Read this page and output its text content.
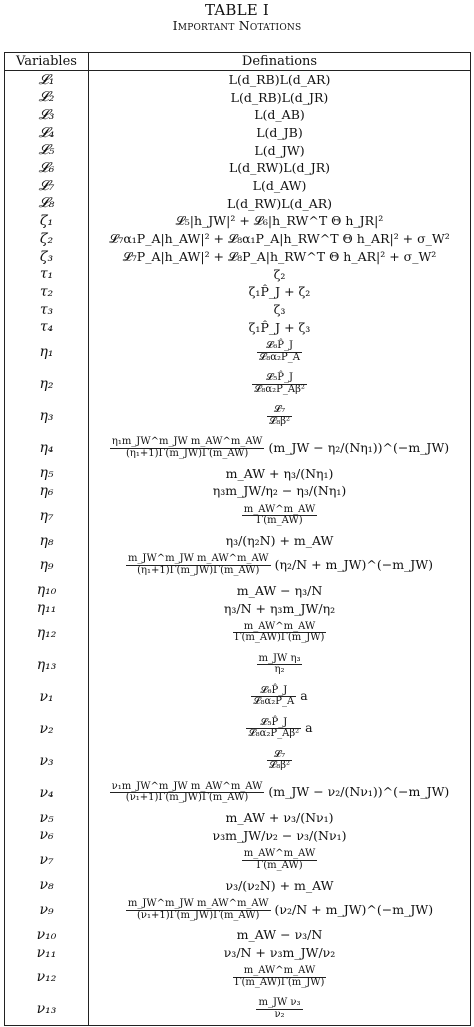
TABLE I
Important Notations
Variables	Definations
𝓛₁	L(d_RB)L(d_AR)
𝓛₂	L(d_RB)L(d_JR)
𝓛₃	L(d_AB)
𝓛₄	L(d_JB)
𝓛₅	L(d_JW)
𝓛₆	L(d_RW)L(d_JR)
𝓛₇	L(d_AW)
𝓛₈	L(d_RW)L(d_AR)
ζ₁	𝓛₅|h_JW|² + 𝓛₆|h_RW^T Θ h_JR|²
ζ₂	𝓛₇α₁P_A|h_AW|² + 𝓛₈α₁P_A|h_RW^T Θ h_AR|² + σ_W²
ζ₃	𝓛₇P_A|h_AW|² + 𝓛₈P_A|h_RW^T Θ h_AR|² + σ_W²
τ₁	ζ₂
τ₂	ζ₁P̂_J + ζ₂
τ₃	ζ₃
τ₄	ζ₁P̂_J + ζ₃
η₁	$\frac{\text{𝓛₆P̂\_J}}{\text{𝓛₈α₂P\_A}}$

η₂	$\frac{\text{𝓛₅P̂\_J}}{\text{𝓛₈α₂P\_Aβ²}}$

η₃	$\frac{\text{𝓛₇}}{\text{𝓛₈β²}}$

η₄	$\frac{\text{η₁m\_JW\textasciicircum{}m\_JW m\_AW\textasciicircum{}m\_AW}}{\text{(η₁+1)Γ(m\_JW)Γ(m\_AW)}}$ (m_JW − η₂/(Nη₁))^(−m_JW)
η₅	m_AW + η₃/(Nη₁)
η₆	η₃m_JW/η₂ − η₃/(Nη₁)
η₇	$\frac{m\_AW\^{}m\_AW}{\Gamma(m\_AW)}$

η₈	η₃/(η₂N) + m_AW
η₉	$\frac{\text{m\_JW\textasciicircum{}m\_JW m\_AW\textasciicircum{}m\_AW}}{\text{(η₁+1)Γ(m\_JW)Γ(m\_AW)}} (\eta_2/N$ + m_JW)^(−m_JW)
η₁₀	m_AW − η₃/N
η₁₁	η₃/N + η₃m_JW/η₂
η₁₂	$\frac{m\_AW\^{}m\_AW}{\Gamma(m\_AW)\Gamma(m\_JW)}$

η₁₃	$\frac{\text{m\_JW η₃}}{\text{η₂}}$

ν₁	$\frac{\text{𝓛₆P̂\_J}}{\text{𝓛₈α₂P\_A}}$ a
ν₂	$\frac{\text{𝓛₅P̂\_J}}{\text{𝓛₈α₂P\_Aβ²}}$ a
ν₃	$\frac{\text{𝓛₇}}{\text{𝓛₈β²}}$

ν₄	$\frac{\text{ν₁m\_JW\textasciicircum{}m\_JW m\_AW\textasciicircum{}m\_AW}}{\text{(ν₁+1)Γ(m\_JW)Γ(m\_AW)}}$ (m_JW − ν₂/(Nν₁))^(−m_JW)
ν₅	m_AW + ν₃/(Nν₁)
ν₆	ν₃m_JW/ν₂ − ν₃/(Nν₁)
ν₇	$\frac{m\_AW\^{}m\_AW}{\Gamma(m\_AW)}$

ν₈	ν₃/(ν₂N) + m_AW
ν₉	$\frac{\text{m\_JW\textasciicircum{}m\_JW m\_AW\textasciicircum{}m\_AW}}{\text{(ν₁+1)Γ(m\_JW)Γ(m\_AW)}} (\nu_2/N$ + m_JW)^(−m_JW)
ν₁₀	m_AW − ν₃/N
ν₁₁	ν₃/N + ν₃m_JW/ν₂
ν₁₂	$\frac{m\_AW\^{}m\_AW}{\Gamma(m\_AW)\Gamma(m\_JW)}$

ν₁₃	$\frac{\text{m\_JW ν₃}}{\text{ν₂}}$
